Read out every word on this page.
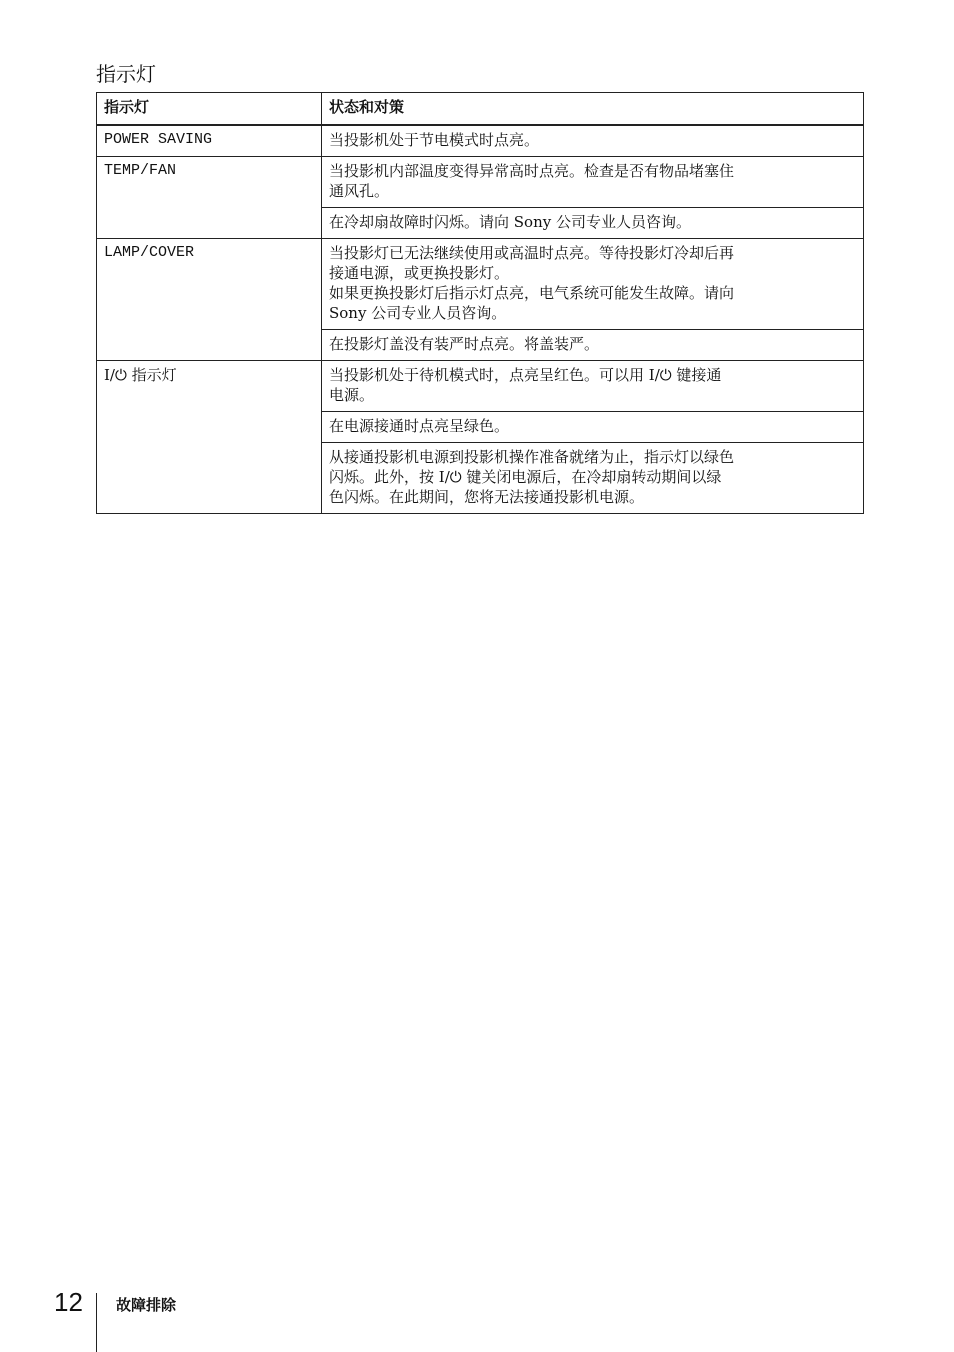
指示灯
指示灯	状态和对策
POWER SAVING	当投影机处于节电模式时点亮。
TEMP/FAN	当投影机内部温度变得异常高时点亮。检查是否有物品堵塞住
通风孔。
	在冷却扇故障时闪烁。请向 Sony 公司专业人员咨询。
LAMP/COVER	当投影灯已无法继续使用或高温时点亮。等待投影灯冷却后再
接通电源，或更换投影灯。
如果更换投影灯后指示灯点亮，电气系统可能发生故障。请向
Sony 公司专业人员咨询。
	在投影灯盖没有装严时点亮。将盖装严。
I/⏻ 指示灯	当投影机处于待机模式时，点亮呈红色。可以用 I/⏻ 键接通
电源。
	在电源接通时点亮呈绿色。
	从接通投影机电源到投影机操作准备就绪为止，指示灯以绿色
闪烁。此外，按 I/⏻ 键关闭电源后，在冷却扇转动期间以绿
色闪烁。在此期间，您将无法接通投影机电源。
12 故障排除
